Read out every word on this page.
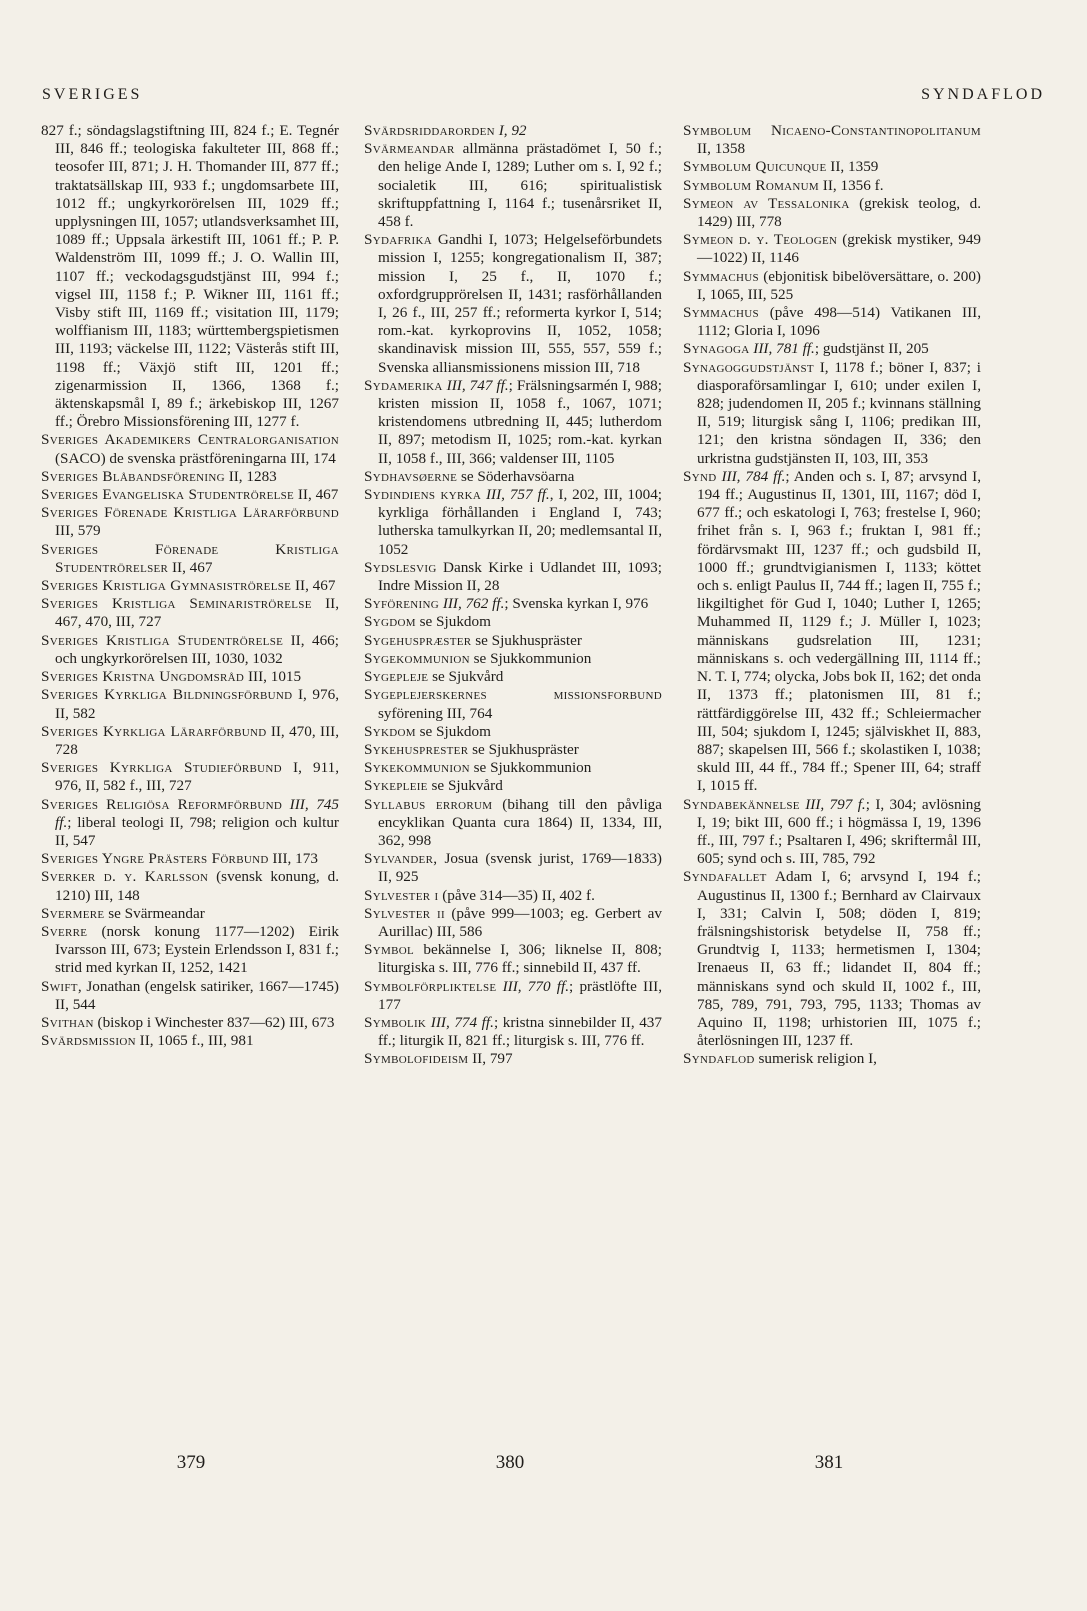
SVERIGES	SYNDAFLOD

827 f.; söndagslagstiftning III, 824 f.; E. Tegnér III, 846 ff.; teologiska fakulteter III, 868 ff.; teosofer III, 871; J. H. Thomander III, 877 ff.; traktatsällskap III, 933 f.; ungdomsarbete III, 1012 ff.; ungkyrkorörelsen III, 1029 ff.; upplysningen III, 1057; utlandsverksamhet III, 1089 ff.; Uppsala ärkestift III, 1061 ff.; P. P. Waldenström III, 1099 ff.; J. O. Wallin III, 1107 ff.; veckodagsgudstjänst III, 994 f.; vigsel III, 1158 f.; P. Wikner III, 1161 ff.; Visby stift III, 1169 ff.; visitation III, 1179; wolffianism III, 1183; württembergspietismen III, 1193; väckelse III, 1122; Västerås stift III, 1198 ff.; Växjö stift III, 1201 ff.; zigenarmission II, 1366, 1368 f.; äktenskapsmål I, 89 f.; ärkebiskop III, 1267 ff.; Örebro Missionsförening III, 1277 f.

Sveriges Akademikers Centralorganisation (SACO) de svenska prästföreningarna III, 174

Sveriges Blåbandsförening II, 1283

Sveriges Evangeliska Studentrörelse II, 467

Sveriges Förenade Kristliga Lärarförbund III, 579

Sveriges Förenade Kristliga Studentrörelser II, 467

Sveriges Kristliga Gymnasiströrelse II, 467

Sveriges Kristliga Seminariströrelse II, 467, 470, III, 727

Sveriges Kristliga Studentrörelse II, 466; och ungkyrkorörelsen III, 1030, 1032

Sveriges Kristna Ungdomsråd III, 1015

Sveriges Kyrkliga Bildningsförbund I, 976, II, 582

Sveriges Kyrkliga Lärarförbund II, 470, III, 728

Sveriges Kyrkliga Studieförbund I, 911, 976, II, 582 f., III, 727

Sveriges Religiösa Reformförbund III, 745 ff.; liberal teologi II, 798; religion och kultur II, 547

Sveriges Yngre Prästers Förbund III, 173

Sverker d. y. Karlsson (svensk konung, d. 1210) III, 148

Svermere se Svärmeandar

Sverre (norsk konung 1177—1202) Eirik Ivarsson III, 673; Eystein Erlendsson I, 831 f.; strid med kyrkan II, 1252, 1421

Swift, Jonathan (engelsk satiriker, 1667—1745) II, 544

Svithan (biskop i Winchester 837—62) III, 673

Svärdsmission II, 1065 f., III, 981

Svärdsriddarorden I, 92

Svärmeandar allmänna prästadömet I, 50 f.; den helige Ande I, 1289; Luther om s. I, 92 f.; socialetik III, 616; spiritualistisk skriftuppfattning I, 1164 f.; tusenårsriket II, 458 f.

Sydafrika Gandhi I, 1073; Helgelseförbundets mission I, 1255; kongregationalism II, 387; mission I, 25 f., II, 1070 f.; oxfordgrupprörelsen II, 1431; rasförhållanden I, 26 f., III, 257 ff.; reformerta kyrkor I, 514; rom.-kat. kyrkoprovins II, 1052, 1058; skandinavisk mission III, 555, 557, 559 f.; Svenska alliansmissionens mission III, 718

Sydamerika III, 747 ff.; Frälsningsarmén I, 988; kristen mission II, 1058 f., 1067, 1071; kristendomens utbredning II, 445; lutherdom II, 897; metodism II, 1025; rom.-kat. kyrkan II, 1058 f., III, 366; valdenser III, 1105

Sydhavsøerne se Söderhavsöarna

Sydindiens kyrka III, 757 ff., I, 202, III, 1004; kyrkliga förhållanden i England I, 743; lutherska tamulkyrkan II, 20; medlemsantal II, 1052

Sydslesvig Dansk Kirke i Udlandet III, 1093; Indre Mission II, 28

Syförening III, 762 ff.; Svenska kyrkan I, 976

Sygdom se Sjukdom

Sygehuspræster se Sjukhuspräster

Sygekommunion se Sjukkommunion

Sygepleje se Sjukvård

Sygeplejerskernes missionsforbund syförening III, 764

Sykdom se Sjukdom

Sykehusprester se Sjukhuspräster

Sykekommunion se Sjukkommunion

Sykepleie se Sjukvård

Syllabus errorum (bihang till den påvliga encyklikan Quanta cura 1864) II, 1334, III, 362, 998

Sylvander, Josua (svensk jurist, 1769—1833) II, 925

Sylvester i (påve 314—35) II, 402 f.

Sylvester ii (påve 999—1003; eg. Gerbert av Aurillac) III, 586

Symbol bekännelse I, 306; liknelse II, 808; liturgiska s. III, 776 ff.; sinnebild II, 437 ff.

Symbolförpliktelse III, 770 ff.; prästlöfte III, 177

Symbolik III, 774 ff.; kristna sinnebilder II, 437 ff.; liturgik II, 821 ff.; liturgisk s. III, 776 ff.

Symbolofideism II, 797

Symbolum Nicaeno-Constantinopolitanum II, 1358

Symbolum Quicunque II, 1359

Symbolum Romanum II, 1356 f.

Symeon av Tessalonika (grekisk teolog, d. 1429) III, 778

Symeon d. y. Teologen (grekisk mystiker, 949—1022) II, 1146

Symmachus (ebjonitisk bibelöversättare, o. 200) I, 1065, III, 525

Symmachus (påve 498—514) Vatikanen III, 1112; Gloria I, 1096

Synagoga III, 781 ff.; gudstjänst II, 205

Synagoggudstjänst I, 1178 f.; böner I, 837; i diasporaförsamlingar I, 610; under exilen I, 828; judendomen II, 205 f.; kvinnans ställning II, 519; liturgisk sång I, 1106; predikan III, 121; den kristna söndagen II, 336; den urkristna gudstjänsten II, 103, III, 353

Synd III, 784 ff.; Anden och s. I, 87; arvsynd I, 194 ff.; Augustinus II, 1301, III, 1167; död I, 677 ff.; och eskatologi I, 763; frestelse I, 960; frihet från s. I, 963 f.; fruktan I, 981 ff.; fördärvsmakt III, 1237 ff.; och gudsbild II, 1000 ff.; grundtvigianismen I, 1133; köttet och s. enligt Paulus II, 744 ff.; lagen II, 755 f.; likgiltighet för Gud I, 1040; Luther I, 1265; Muhammed II, 1129 f.; J. Müller I, 1023; människans gudsrelation III, 1231; människans s. och vedergällning III, 1114 ff.; N. T. I, 774; olycka, Jobs bok II, 162; det onda II, 1373 ff.; platonismen III, 81 f.; rättfärdiggörelse III, 432 ff.; Schleiermacher III, 504; sjukdom I, 1245; själviskhet II, 883, 887; skapelsen III, 566 f.; skolastiken I, 1038; skuld III, 44 ff., 784 ff.; Spener III, 64; straff I, 1015 ff.

Syndabekännelse III, 797 f.; I, 304; avlösning I, 19; bikt III, 600 ff.; i högmässa I, 19, 1396 ff., III, 797 f.; Psaltaren I, 496; skriftermål III, 605; synd och s. III, 785, 792

Syndafallet Adam I, 6; arvsynd I, 194 f.; Augustinus II, 1300 f.; Bernhard av Clairvaux I, 331; Calvin I, 508; döden I, 819; frälsningshistorisk betydelse II, 758 ff.; Grundtvig I, 1133; hermetismen I, 1304; Irenaeus II, 63 ff.; lidandet II, 804 ff.; människans synd och skuld II, 1002 f., III, 785, 789, 791, 793, 795, 1133; Thomas av Aquino II, 1198; urhistorien III, 1075 f.; återlösningen III, 1237 ff.

Syndaflod sumerisk religion I,

379	380	381
